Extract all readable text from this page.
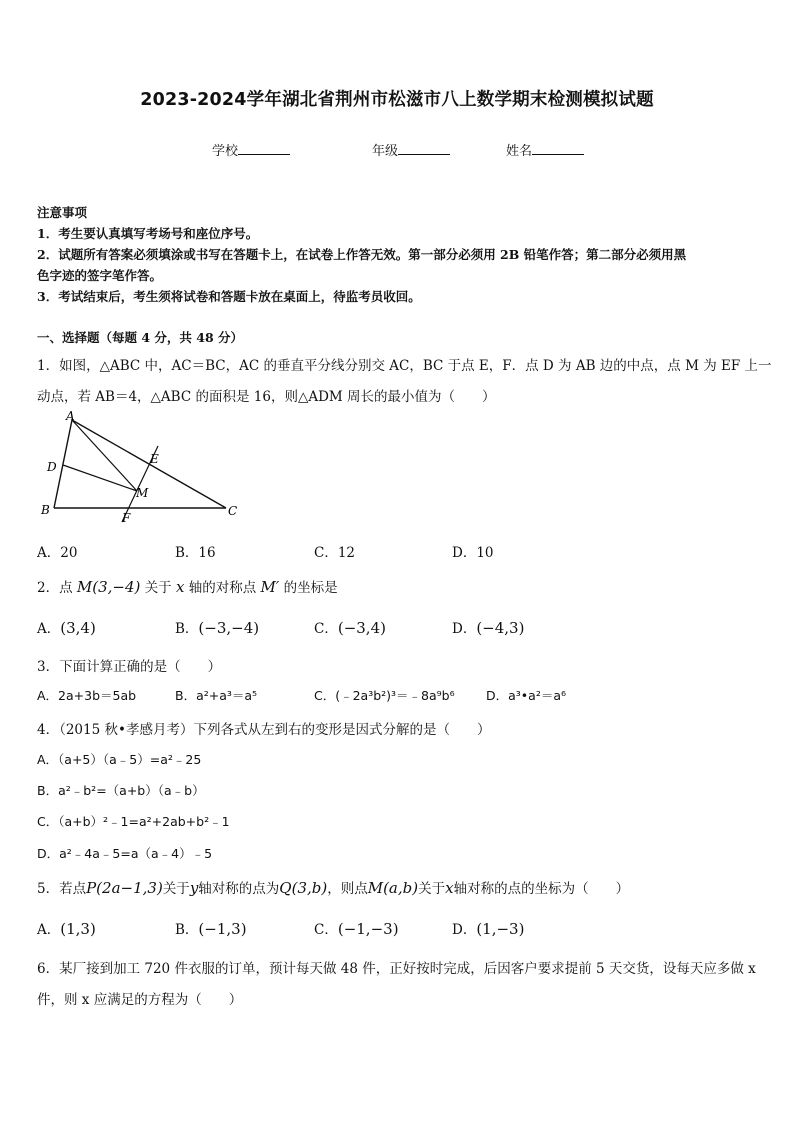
2023-2024学年湖北省荆州市松滋市八上数学期末检测模拟试题
学校	年级	姓名
注意事项
1．考生要认真填写考场号和座位序号。
2．试题所有答案必须填涂或书写在答题卡上，在试卷上作答无效。第一部分必须用 2B 铅笔作答；第二部分必须用黑
色字迹的签字笔作答。
3．考试结束后，考生须将试卷和答题卡放在桌面上，待监考员收回。
一、选择题（每题 4 分，共 48 分）
1．如图，△ABC 中，AC＝BC，AC 的垂直平分线分别交 AC，BC 于点 E，F．点 D 为 AB 边的中点，点 M 为 EF 上一
动点，若 AB＝4，△ABC 的面积是 16，则△ADM 周长的最小值为（　　）
A
D
B
F
M
E
C
A．20	B．16	C．12	D．10
2．点 M(3,−4) 关于 x 轴的对称点 M′ 的坐标是
A．(3,4)	B．(−3,−4)	C．(−3,4)	D．(−4,3)
3．下面计算正确的是（　　）
A．2a+3b＝5ab	B．a²+a³＝a⁵	C．(﹣2a³b²)³＝﹣8a⁹b⁶	D．a³•a²＝a⁶
4．（2015 秋•孝感月考）下列各式从左到右的变形是因式分解的是（　　）
A．（a+5）（a﹣5）=a²﹣25
B．a²﹣b²=（a+b）（a﹣b）
C．（a+b）²﹣1=a²+2ab+b²﹣1
D．a²﹣4a﹣5=a（a﹣4）﹣5
5．若点P(2a−1,3)关于y轴对称的点为Q(3,b)，则点M(a,b)关于x轴对称的点的坐标为（　　）
A．(1,3)	B．(−1,3)	C．(−1,−3)	D．(1,−3)
6．某厂接到加工 720 件衣服的订单，预计每天做 48 件，正好按时完成，后因客户要求提前 5 天交货，设每天应多做 x
件，则 x 应满足的方程为（　　）
